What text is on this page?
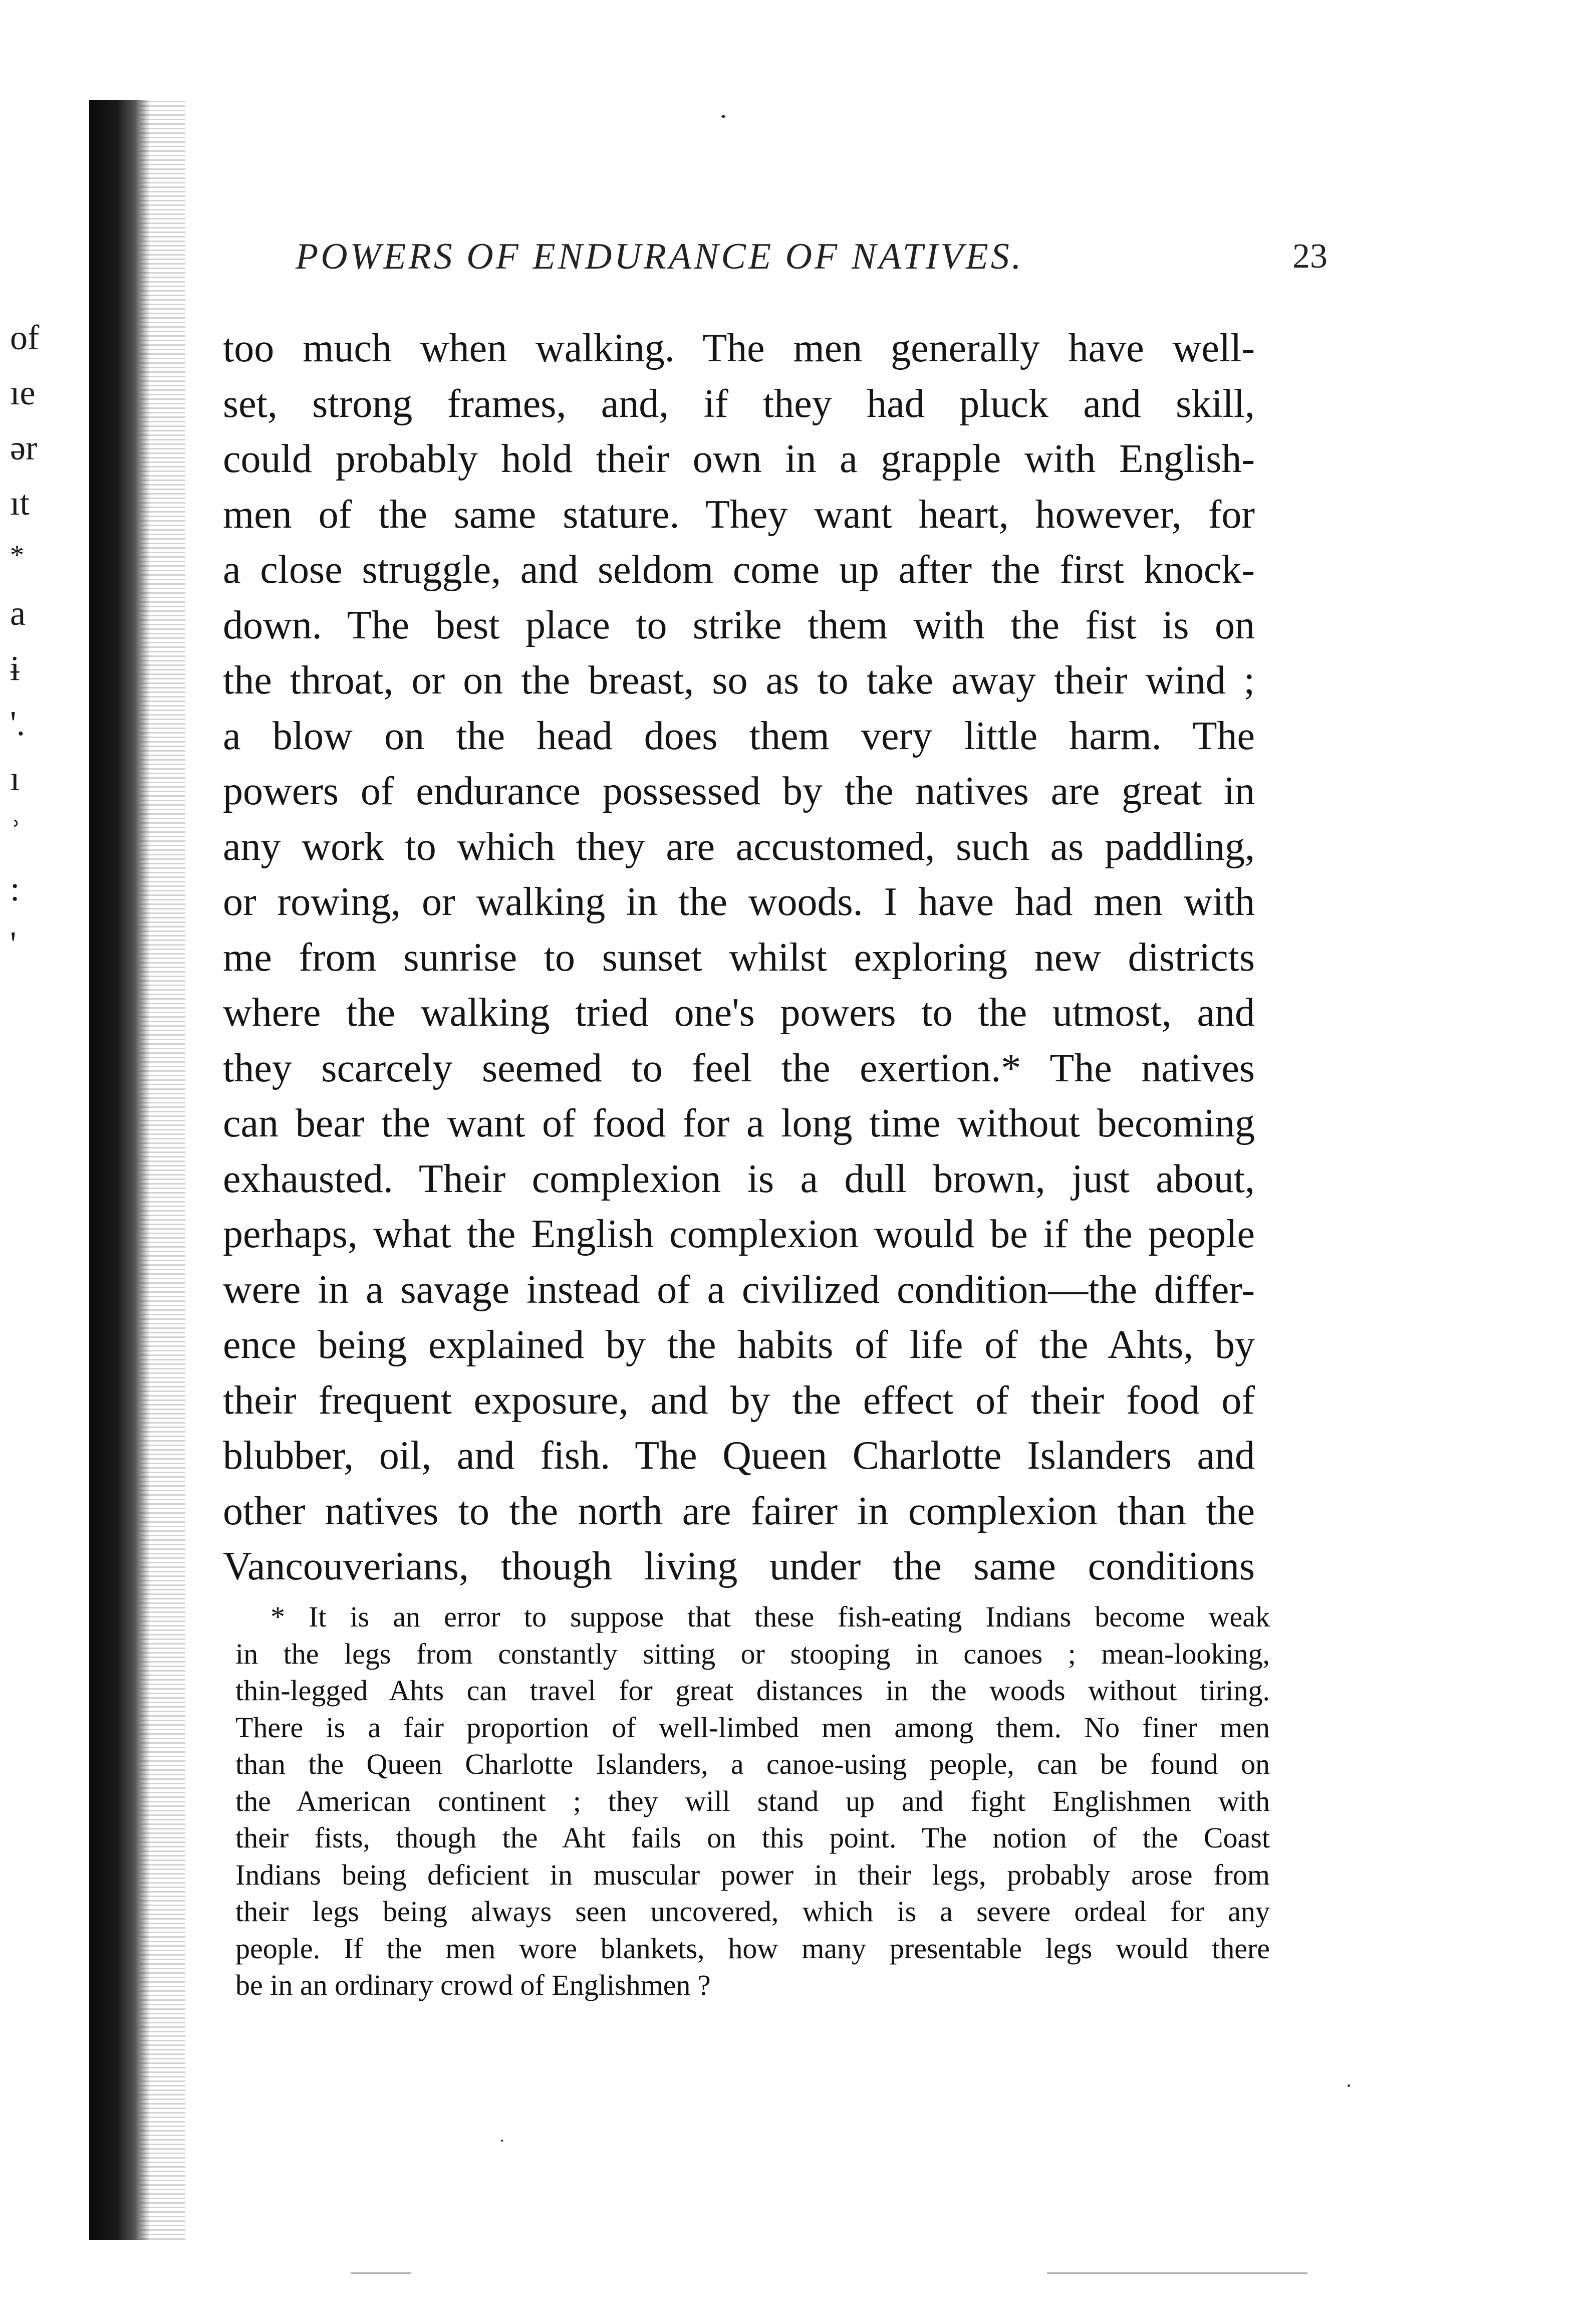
of
ıe
ər
ıt
*
a
ɨ
'.
ı
ʾ
:
'
POWERS OF ENDURANCE OF NATIVES.	23
too much when walking. The men generally have well-
set, strong frames, and, if they had pluck and skill,
could probably hold their own in a grapple with English-
men of the same stature. They want heart, however, for
a close struggle, and seldom come up after the first knock-
down. The best place to strike them with the fist is on
the throat, or on the breast, so as to take away their wind ;
a blow on the head does them very little harm. The
powers of endurance possessed by the natives are great in
any work to which they are accustomed, such as paddling,
or rowing, or walking in the woods. I have had men with
me from sunrise to sunset whilst exploring new districts
where the walking tried one's powers to the utmost, and
they scarcely seemed to feel the exertion.* The natives
can bear the want of food for a long time without becoming
exhausted. Their complexion is a dull brown, just about,
perhaps, what the English complexion would be if the people
were in a savage instead of a civilized condition—the differ-
ence being explained by the habits of life of the Ahts, by
their frequent exposure, and by the effect of their food of
blubber, oil, and fish. The Queen Charlotte Islanders and
other natives to the north are fairer in complexion than the
Vancouverians, though living under the same conditions
* It is an error to suppose that these fish-eating Indians become weak
in the legs from constantly sitting or stooping in canoes ; mean-looking,
thin-legged Ahts can travel for great distances in the woods without tiring.
There is a fair proportion of well-limbed men among them. No finer men
than the Queen Charlotte Islanders, a canoe-using people, can be found on
the American continent ; they will stand up and fight Englishmen with
their fists, though the Aht fails on this point. The notion of the Coast
Indians being deficient in muscular power in their legs, probably arose from
their legs being always seen uncovered, which is a severe ordeal for any
people. If the men wore blankets, how many presentable legs would there
be in an ordinary crowd of Englishmen ?
